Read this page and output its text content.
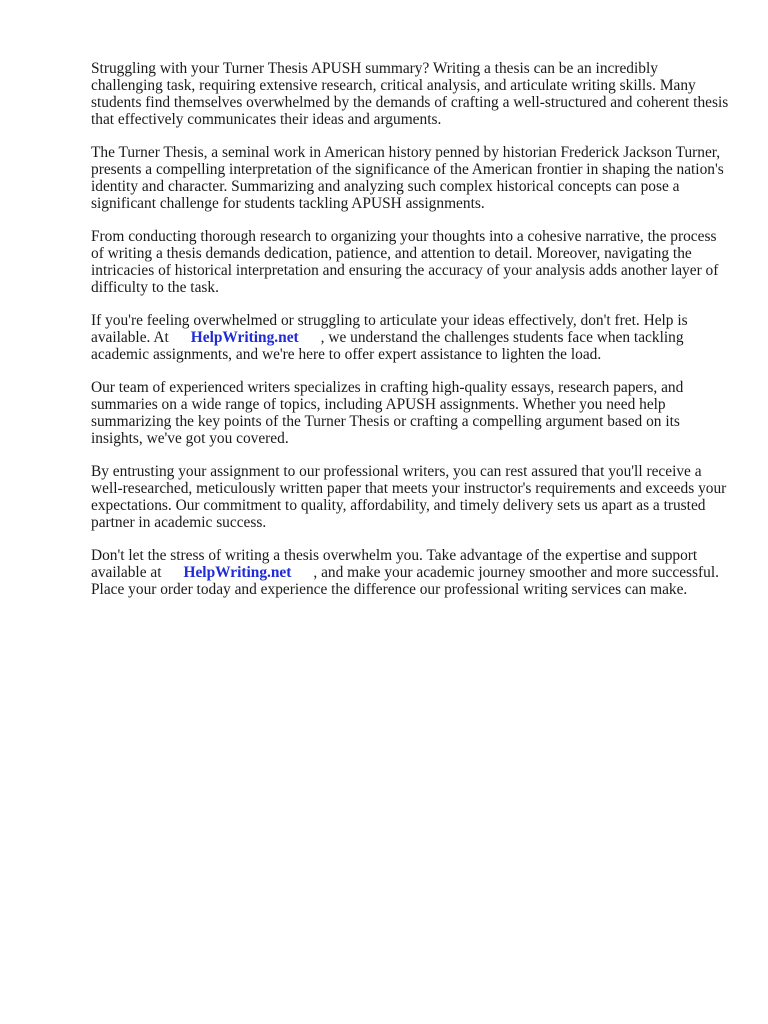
Struggling with your Turner Thesis APUSH summary? Writing a thesis can be an incredibly challenging task, requiring extensive research, critical analysis, and articulate writing skills. Many students find themselves overwhelmed by the demands of crafting a well-structured and coherent thesis that effectively communicates their ideas and arguments.

The Turner Thesis, a seminal work in American history penned by historian Frederick Jackson Turner, presents a compelling interpretation of the significance of the American frontier in shaping the nation's identity and character. Summarizing and analyzing such complex historical concepts can pose a significant challenge for students tackling APUSH assignments.

From conducting thorough research to organizing your thoughts into a cohesive narrative, the process of writing a thesis demands dedication, patience, and attention to detail. Moreover, navigating the intricacies of historical interpretation and ensuring the accuracy of your analysis adds another layer of difficulty to the task.

If you're feeling overwhelmed or struggling to articulate your ideas effectively, don't fret. Help is available. At HelpWriting.net , we understand the challenges students face when tackling academic assignments, and we're here to offer expert assistance to lighten the load.

Our team of experienced writers specializes in crafting high-quality essays, research papers, and summaries on a wide range of topics, including APUSH assignments. Whether you need help summarizing the key points of the Turner Thesis or crafting a compelling argument based on its insights, we've got you covered.

By entrusting your assignment to our professional writers, you can rest assured that you'll receive a well-researched, meticulously written paper that meets your instructor's requirements and exceeds your expectations. Our commitment to quality, affordability, and timely delivery sets us apart as a trusted partner in academic success.

Don't let the stress of writing a thesis overwhelm you. Take advantage of the expertise and support available at HelpWriting.net , and make your academic journey smoother and more successful. Place your order today and experience the difference our professional writing services can make.
